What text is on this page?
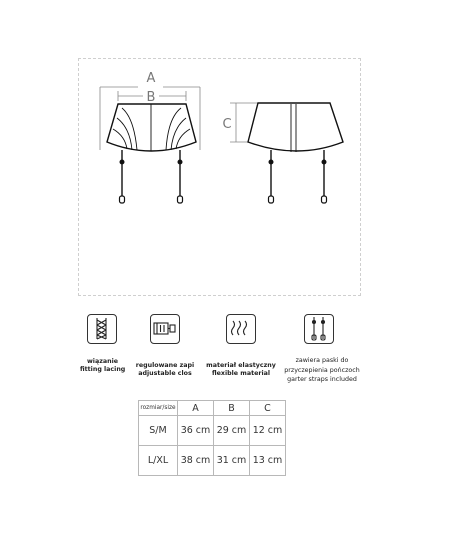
A
B
C
wiązanie
fitting lacing
regulowane zapi
adjustable clos
materiał elastyczny
flexible material
zawiera paski do
przyczepienia pończoch
garter straps included
rozmiar/size	A	B	C
S/M	36 cm	29 cm	12 cm
L/XL	38 cm	31 cm	13 cm
